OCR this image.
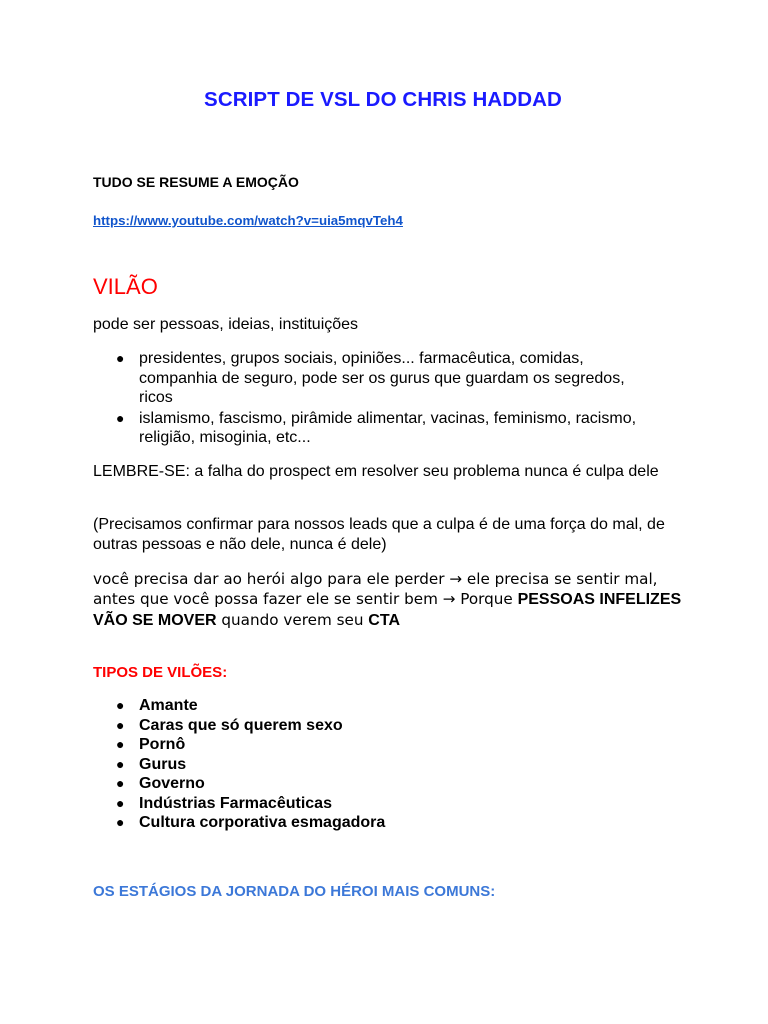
SCRIPT DE VSL DO CHRIS HADDAD
TUDO SE RESUME A EMOÇÃO
https://www.youtube.com/watch?v=uia5mqvTeh4
VILÃO
pode ser pessoas, ideias, instituições
● presidentes, grupos sociais, opiniões... farmacêutica, comidas, companhia de seguro, pode ser os gurus que guardam os segredos, ricos
● islamismo, fascismo, pirâmide alimentar, vacinas, feminismo, racismo, religião, misoginia, etc...
LEMBRE-SE: a falha do prospect em resolver seu problema nunca é culpa dele
(Precisamos confirmar para nossos leads que a culpa é de uma força do mal, de outras pessoas e não dele, nunca é dele)
você precisa dar ao herói algo para ele perder → ele precisa se sentir mal, antes que você possa fazer ele se sentir bem → Porque PESSOAS INFELIZES VÃO SE MOVER quando verem seu CTA
TIPOS DE VILÕES:
● Amante
● Caras que só querem sexo
● Pornô
● Gurus
● Governo
● Indústrias Farmacêuticas
● Cultura corporativa esmagadora
OS ESTÁGIOS DA JORNADA DO HÉROI MAIS COMUNS:
